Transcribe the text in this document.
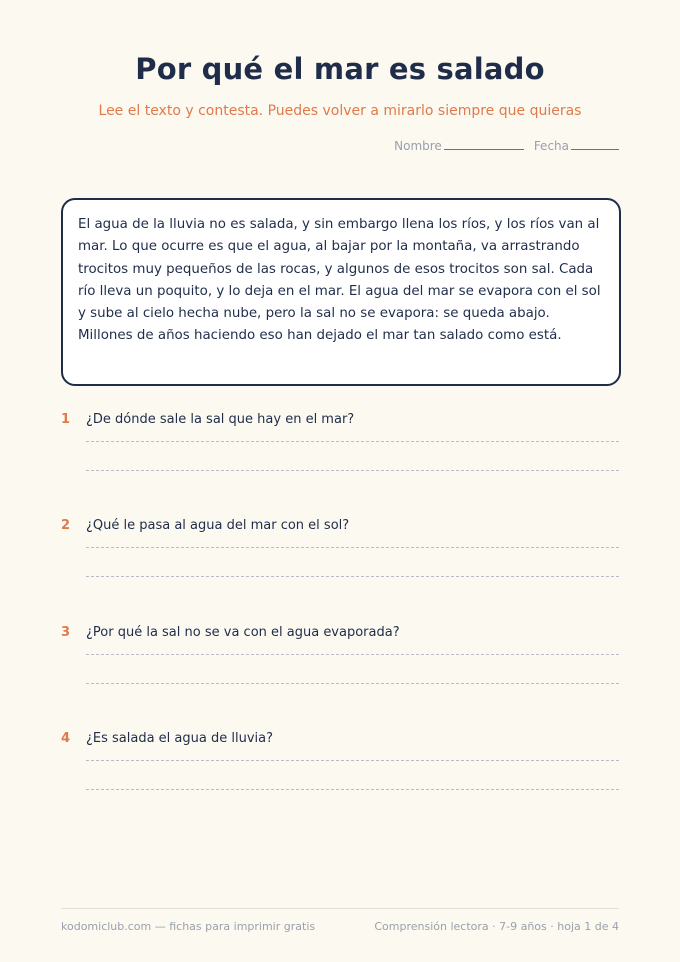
Por qué el mar es salado
Lee el texto y contesta. Puedes volver a mirarlo siempre que quieras
Nombre	Fecha
El agua de la lluvia no es salada, y sin embargo llena los ríos, y los ríos van al mar. Lo que ocurre es que el agua, al bajar por la montaña, va arrastrando trocitos muy pequeños de las rocas, y algunos de esos trocitos son sal. Cada río lleva un poquito, y lo deja en el mar. El agua del mar se evapora con el sol y sube al cielo hecha nube, pero la sal no se evapora: se queda abajo. Millones de años haciendo eso han dejado el mar tan salado como está.
1 ¿De dónde sale la sal que hay en el mar?
2 ¿Qué le pasa al agua del mar con el sol?
3 ¿Por qué la sal no se va con el agua evaporada?
4 ¿Es salada el agua de lluvia?
kodomiclub.com — fichas para imprimir gratis	Comprensión lectora · 7-9 años · hoja 1 de 4
